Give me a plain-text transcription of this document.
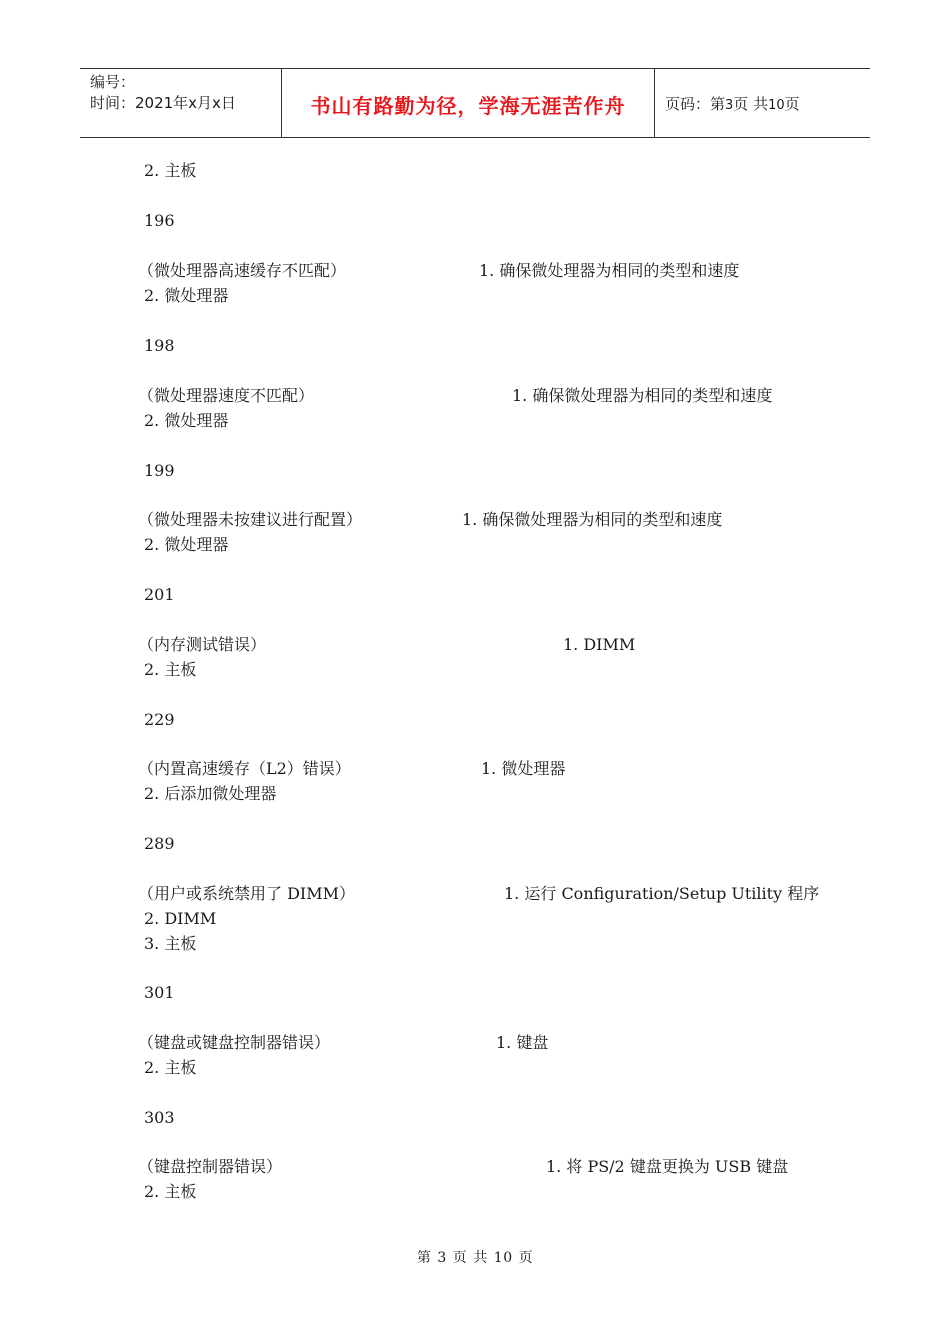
编号：
时间：2021年x月x日	书山有路勤为径，学海无涯苦作舟	页码：第3页 共10页
2. 主板
196
（微处理器高速缓存不匹配）	1. 确保微处理器为相同的类型和速度
2. 微处理器
198
（微处理器速度不匹配）	1. 确保微处理器为相同的类型和速度
2. 微处理器
199
（微处理器未按建议进行配置）	1. 确保微处理器为相同的类型和速度
2. 微处理器
201
（内存测试错误）	1. DIMM
2. 主板
229
（内置高速缓存（L2）错误）	1. 微处理器
2. 后添加微处理器
289
（用户或系统禁用了 DIMM）	1. 运行 Configuration/Setup Utility 程序
2. DIMM
3. 主板
301
（键盘或键盘控制器错误）	1. 键盘
2. 主板
303
（键盘控制器错误）	1. 将 PS/2 键盘更换为 USB 键盘
2. 主板
第 3 页 共 10 页
